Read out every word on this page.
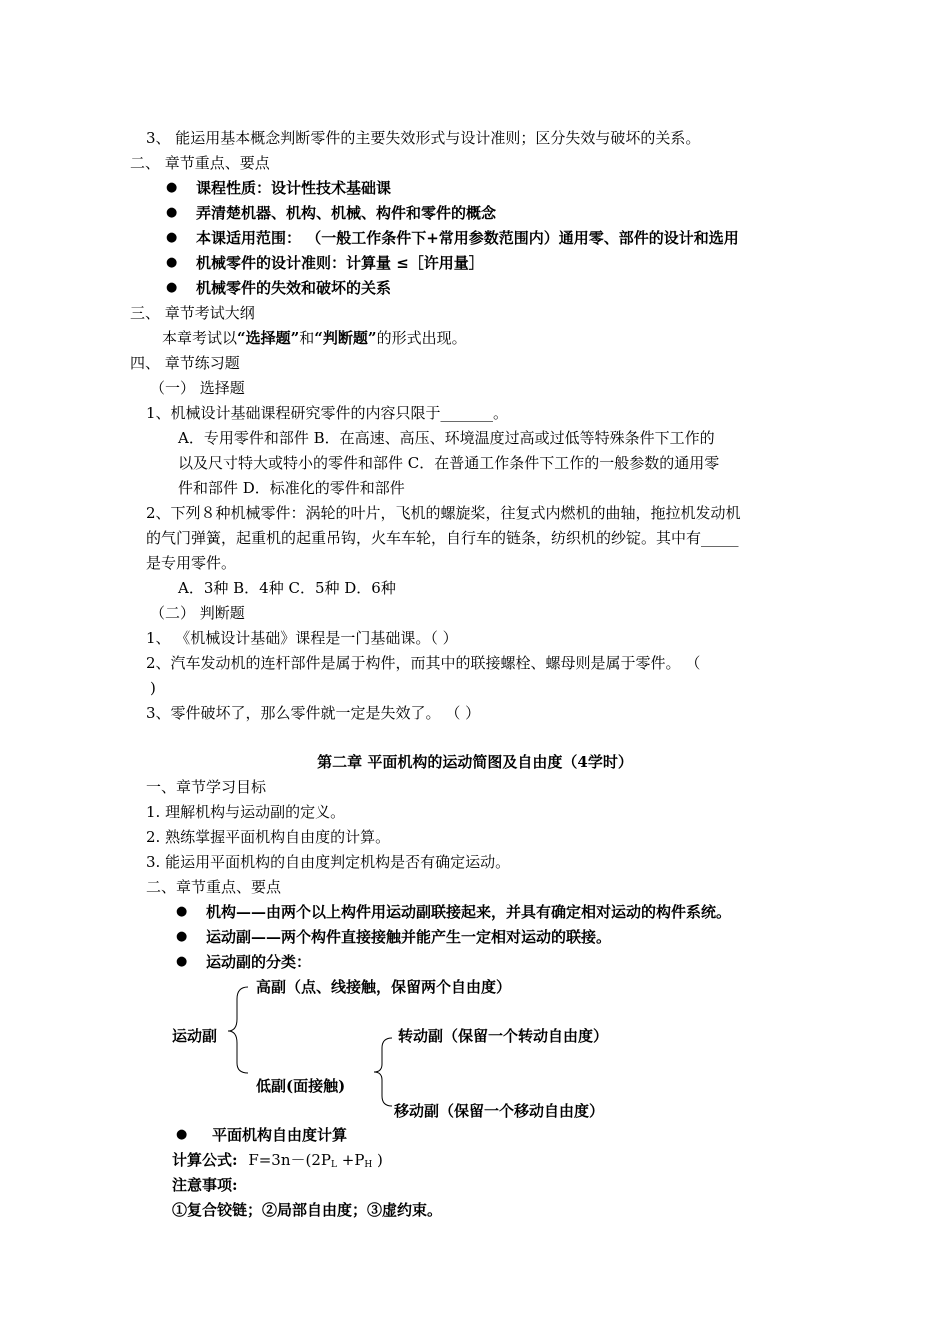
3、 能运用基本概念判断零件的主要失效形式与设计准则；区分失效与破坏的关系。
二、 章节重点、要点
● 课程性质：设计性技术基础课
● 弄清楚机器、机构、机械、构件和零件的概念
● 本课适用范围： （一般工作条件下+常用参数范围内）通用零、部件的设计和选用
● 机械零件的设计准则：计算量 ≤［许用量］
● 机械零件的失效和破坏的关系
三、 章节考试大纲
本章考试以“选择题”和“判断题”的形式出现。
四、 章节练习题
（一） 选择题
1、机械设计基础课程研究零件的内容只限于_______。
A．专用零件和部件 B．在高速、高压、环境温度过高或过低等特殊条件下工作的
以及尺寸特大或特小的零件和部件 C．在普通工作条件下工作的一般参数的通用零
件和部件 D．标准化的零件和部件
2、下列８种机械零件：涡轮的叶片，飞机的螺旋桨，往复式内燃机的曲轴，拖拉机发动机
的气门弹簧，起重机的起重吊钩，火车车轮，自行车的链条，纺织机的纱锭。其中有_____
是专用零件。
A．3种 B．4种 C．5种 D．6种
（二） 判断题
1、 《机械设计基础》课程是一门基础课。（ ）
2、汽车发动机的连杆部件是属于构件，而其中的联接螺栓、螺母则是属于零件。 （
)
3、零件破坏了，那么零件就一定是失效了。 （ ）
第二章 平面机构的运动简图及自由度（4学时）
一、章节学习目标
1. 理解机构与运动副的定义。
2. 熟练掌握平面机构自由度的计算。
3. 能运用平面机构的自由度判定机构是否有确定运动。
二、章节重点、要点
● 机构——由两个以上构件用运动副联接起来，并具有确定相对运动的构件系统。
● 运动副——两个构件直接接触并能产生一定相对运动的联接。
● 运动副的分类：
高副（点、线接触，保留两个自由度）
运动副	转动副（保留一个转动自由度）
低副(面接触)
移动副（保留一个移动自由度）
● 平面机构自由度计算
计算公式: F=3n－(2PL +PH )
注意事项:
①复合铰链；②局部自由度；③虚约束。
